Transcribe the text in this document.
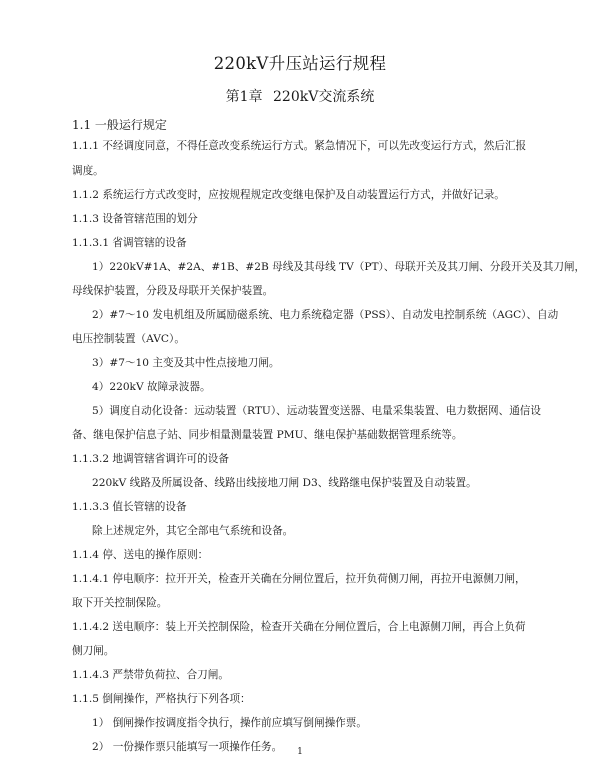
220kV升压站运行规程
第1章 220kV交流系统
1.1 一般运行规定
1.1.1 不经调度同意，不得任意改变系统运行方式。紧急情况下，可以先改变运行方式，然后汇报
调度。
1.1.2 系统运行方式改变时，应按规程规定改变继电保护及自动装置运行方式，并做好记录。
1.1.3 设备管辖范围的划分
1.1.3.1 省调管辖的设备
1）220kV#1A、#2A、#1B、#2B 母线及其母线 TV（PT）、母联开关及其刀闸、分段开关及其刀闸，
母线保护装置，分段及母联开关保护装置。
2）#7～10 发电机组及所属励磁系统、电力系统稳定器（PSS）、自动发电控制系统（AGC）、自动
电压控制装置（AVC）。
3）#7～10 主变及其中性点接地刀闸。
4）220kV 故障录波器。
5）调度自动化设备：远动装置（RTU）、远动装置变送器、电量采集装置、电力数据网、通信设
备、继电保护信息子站、同步相量测量装置 PMU、继电保护基础数据管理系统等。
1.1.3.2 地调管辖省调许可的设备
220kV 线路及所属设备、线路出线接地刀闸 D3、线路继电保护装置及自动装置。
1.1.3.3 值长管辖的设备
除上述规定外，其它全部电气系统和设备。
1.1.4 停、送电的操作原则：
1.1.4.1 停电顺序：拉开开关，检查开关确在分闸位置后，拉开负荷侧刀闸，再拉开电源侧刀闸，
取下开关控制保险。
1.1.4.2 送电顺序：装上开关控制保险，检查开关确在分闸位置后，合上电源侧刀闸，再合上负荷
侧刀闸。
1.1.4.3 严禁带负荷拉、合刀闸。
1.1.5 倒闸操作，严格执行下列各项：
1） 倒闸操作按调度指令执行，操作前应填写倒闸操作票。
2） 一份操作票只能填写一项操作任务。	1
